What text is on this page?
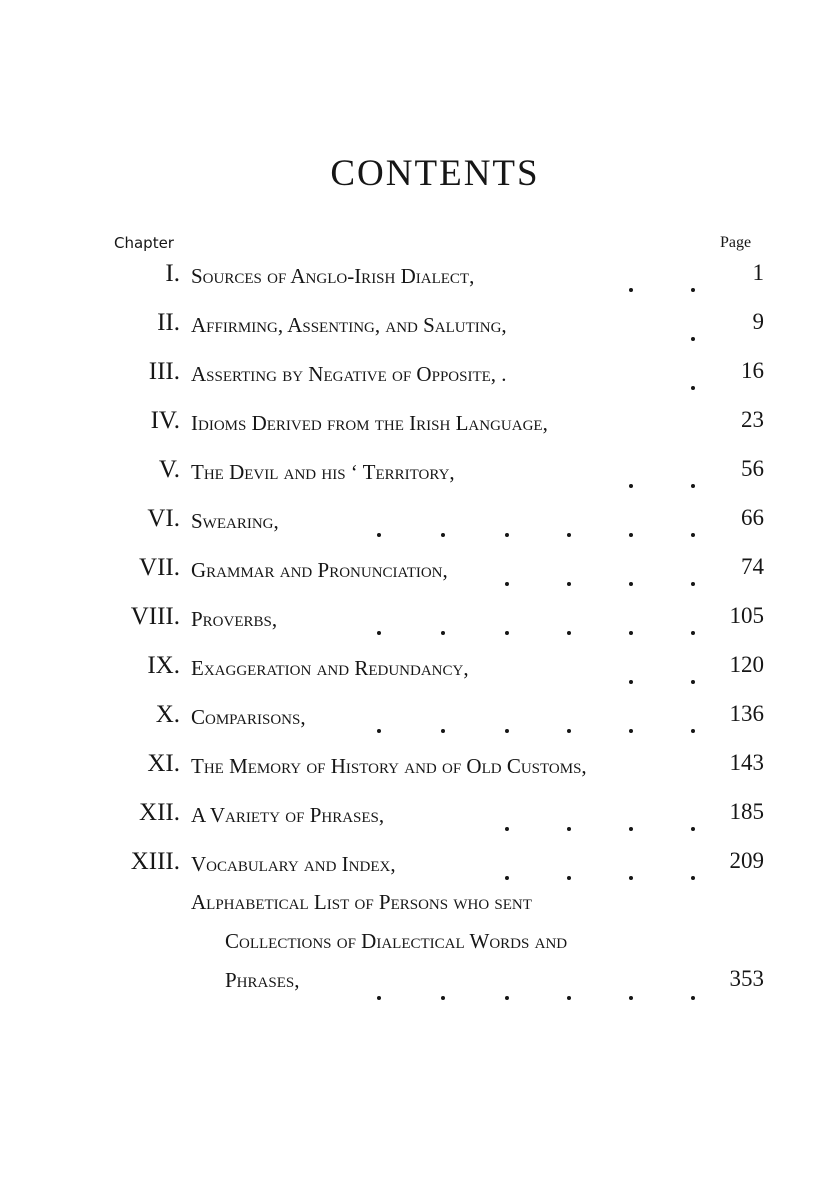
CONTENTS
Chapter	Page
I. Sources of Anglo-Irish Dialect,	1
II. Affirming, Assenting, and Saluting,	9
III. Asserting by Negative of Opposite, .	16
IV. Idioms Derived from the Irish Language,	23
V. The Devil and his ‘ Territory,	56
VI. Swearing,	66
VII. Grammar and Pronunciation,	74
VIII. Proverbs,	105
IX. Exaggeration and Redundancy,	120
X. Comparisons,	136
XI. The Memory of History and of Old Customs,	143
XII. A Variety of Phrases,	185
XIII. Vocabulary and Index,	209
Alphabetical List of Persons who sent
Collections of Dialectical Words and
Phrases,	353
